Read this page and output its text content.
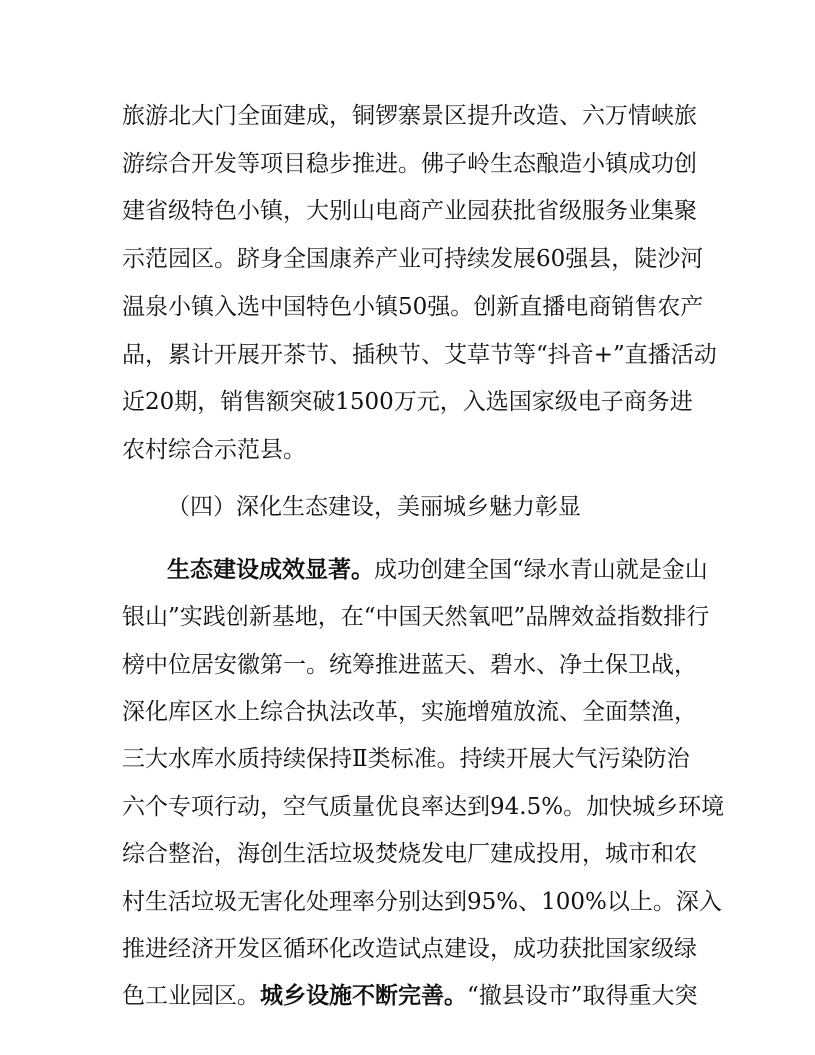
旅游北大门全面建成，铜锣寨景区提升改造、六万情峡旅
游综合开发等项目稳步推进。佛子岭生态酿造小镇成功创
建省级特色小镇，大别山电商产业园获批省级服务业集聚
示范园区。跻身全国康养产业可持续发展60强县，陡沙河
温泉小镇入选中国特色小镇50强。创新直播电商销售农产
品，累计开展开茶节、插秧节、艾草节等“抖音+”直播活动
近20期，销售额突破1500万元，入选国家级电子商务进
农村综合示范县。
（四）深化生态建设，美丽城乡魅力彰显
生态建设成效显著。成功创建全国“绿水青山就是金山
银山”实践创新基地，在“中国天然氧吧”品牌效益指数排行
榜中位居安徽第一。统筹推进蓝天、碧水、净土保卫战，
深化库区水上综合执法改革，实施增殖放流、全面禁渔，
三大水库水质持续保持Ⅱ类标准。持续开展大气污染防治
六个专项行动，空气质量优良率达到94.5%。加快城乡环境
综合整治，海创生活垃圾焚烧发电厂建成投用，城市和农
村生活垃圾无害化处理率分别达到95%、100%以上。深入
推进经济开发区循环化改造试点建设，成功获批国家级绿
色工业园区。城乡设施不断完善。“撤县设市”取得重大突
